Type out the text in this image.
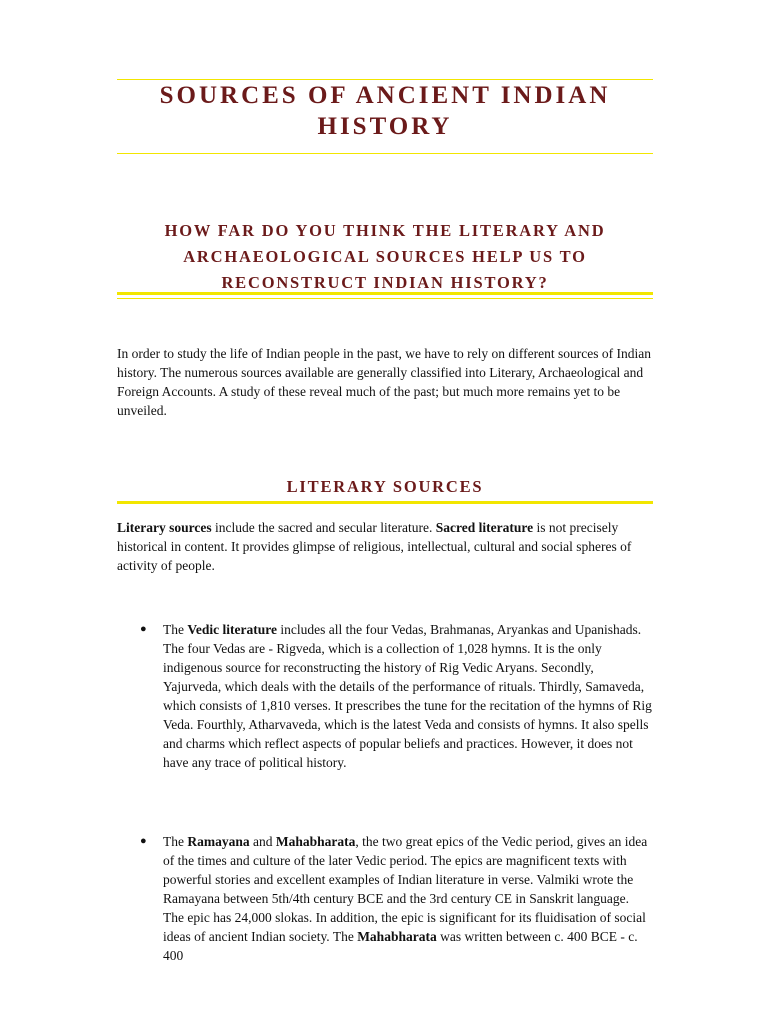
SOURCES OF ANCIENT INDIAN
HISTORY
HOW FAR DO YOU THINK THE LITERARY AND ARCHAEOLOGICAL SOURCES HELP US TO RECONSTRUCT INDIAN HISTORY?
In order to study the life of Indian people in the past, we have to rely on different sources of Indian history. The numerous sources available are generally classified into Literary, Archaeological and Foreign Accounts. A study of these reveal much of the past; but much more remains yet to be unveiled.
LITERARY SOURCES
Literary sources include the sacred and secular literature. Sacred literature is not precisely historical in content. It provides glimpse of religious, intellectual, cultural and social spheres of activity of people.
●	The Vedic literature includes all the four Vedas, Brahmanas, Aryankas and Upanishads. The four Vedas are - Rigveda, which is a collection of 1,028 hymns. It is the only indigenous source for reconstructing the history of Rig Vedic Aryans. Secondly, Yajurveda, which deals with the details of the performance of rituals. Thirdly, Samaveda, which consists of 1,810 verses. It prescribes the tune for the recitation of the hymns of Rig Veda. Fourthly, Atharvaveda, which is the latest Veda and consists of hymns. It also spells and charms which reflect aspects of popular beliefs and practices. However, it does not have any trace of political history.
●	The Ramayana and Mahabharata, the two great epics of the Vedic period, gives an idea of the times and culture of the later Vedic period. The epics are magnificent texts with powerful stories and excellent examples of Indian literature in verse. Valmiki wrote the Ramayana between 5th/4th century BCE and the 3rd century CE in Sanskrit language. The epic has 24,000 slokas. In addition, the epic is significant for its fluidisation of social ideas of ancient Indian society. The Mahabharata was written between c. 400 BCE - c. 400
